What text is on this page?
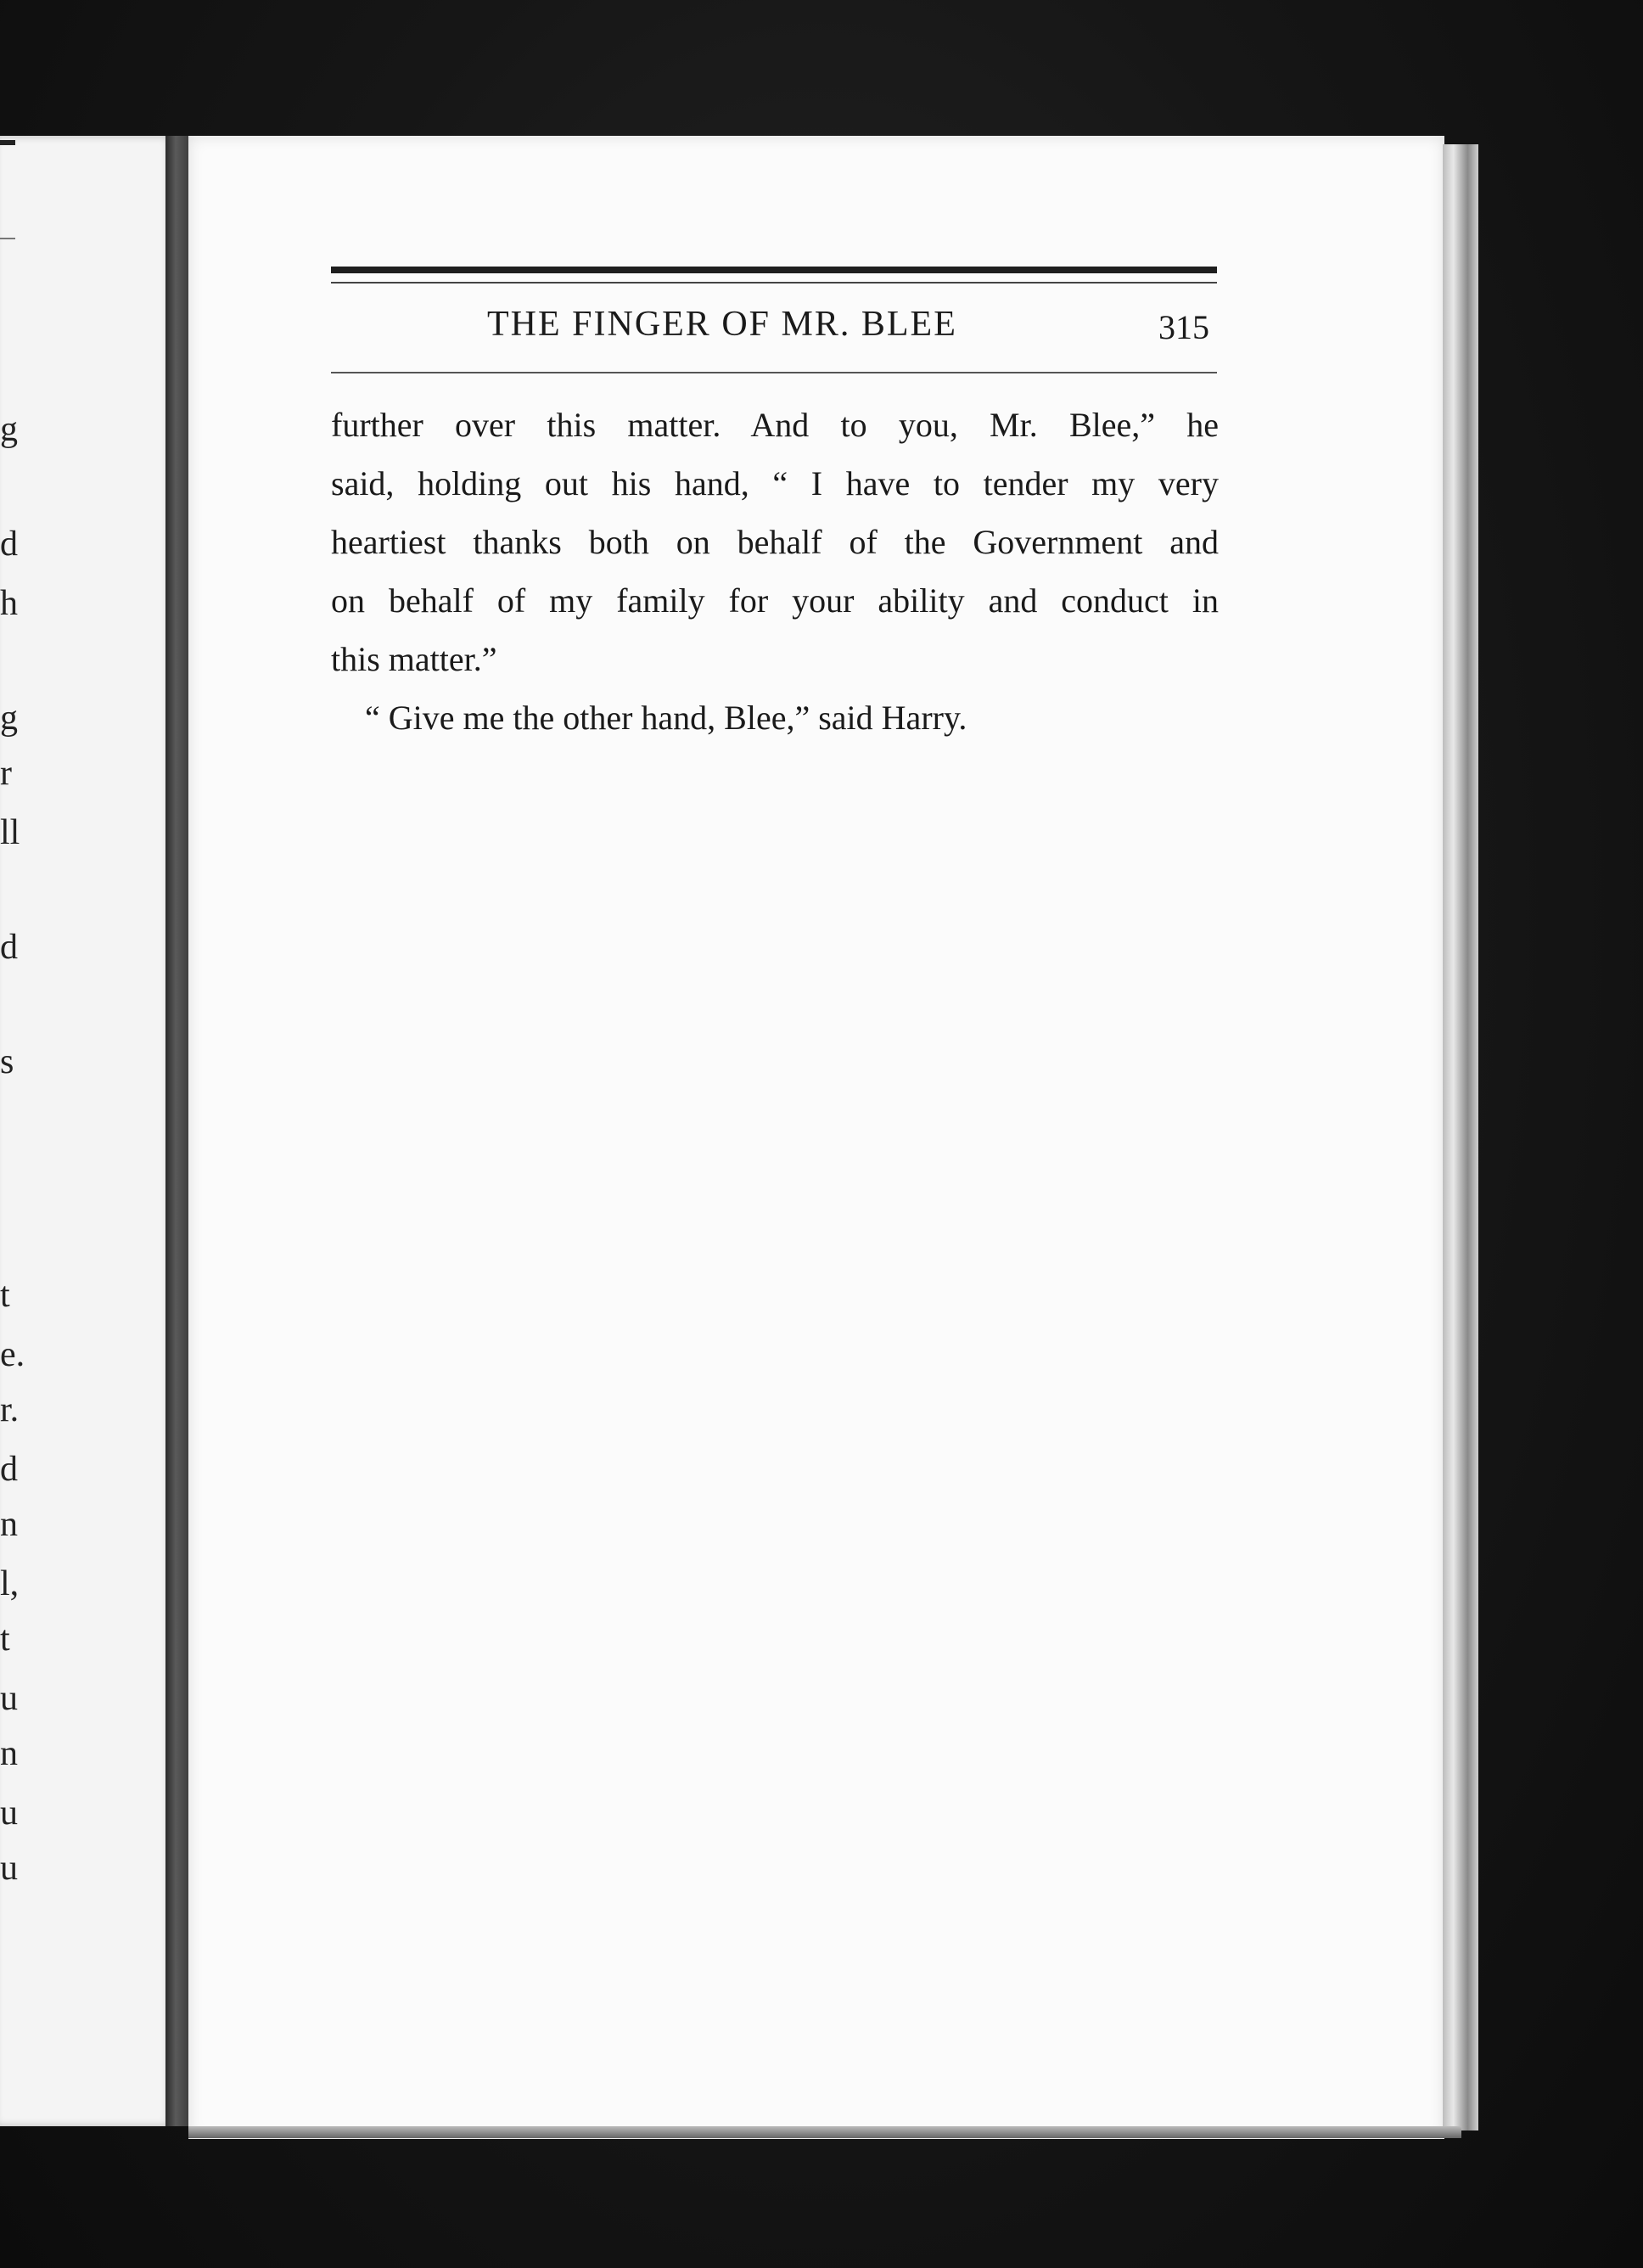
g
d
h
g
r
ll
d
s
t
e.
r.
d
n
l,
t
u
n
u
u
THE FINGER OF MR. BLEE	315
further over this matter. And to you, Mr. Blee,” he
said, holding out his hand, “ I have to tender my very
heartiest thanks both on behalf of the Government and
on behalf of my family for your ability and conduct in
this matter.”
“ Give me the other hand, Blee,” said Harry.
